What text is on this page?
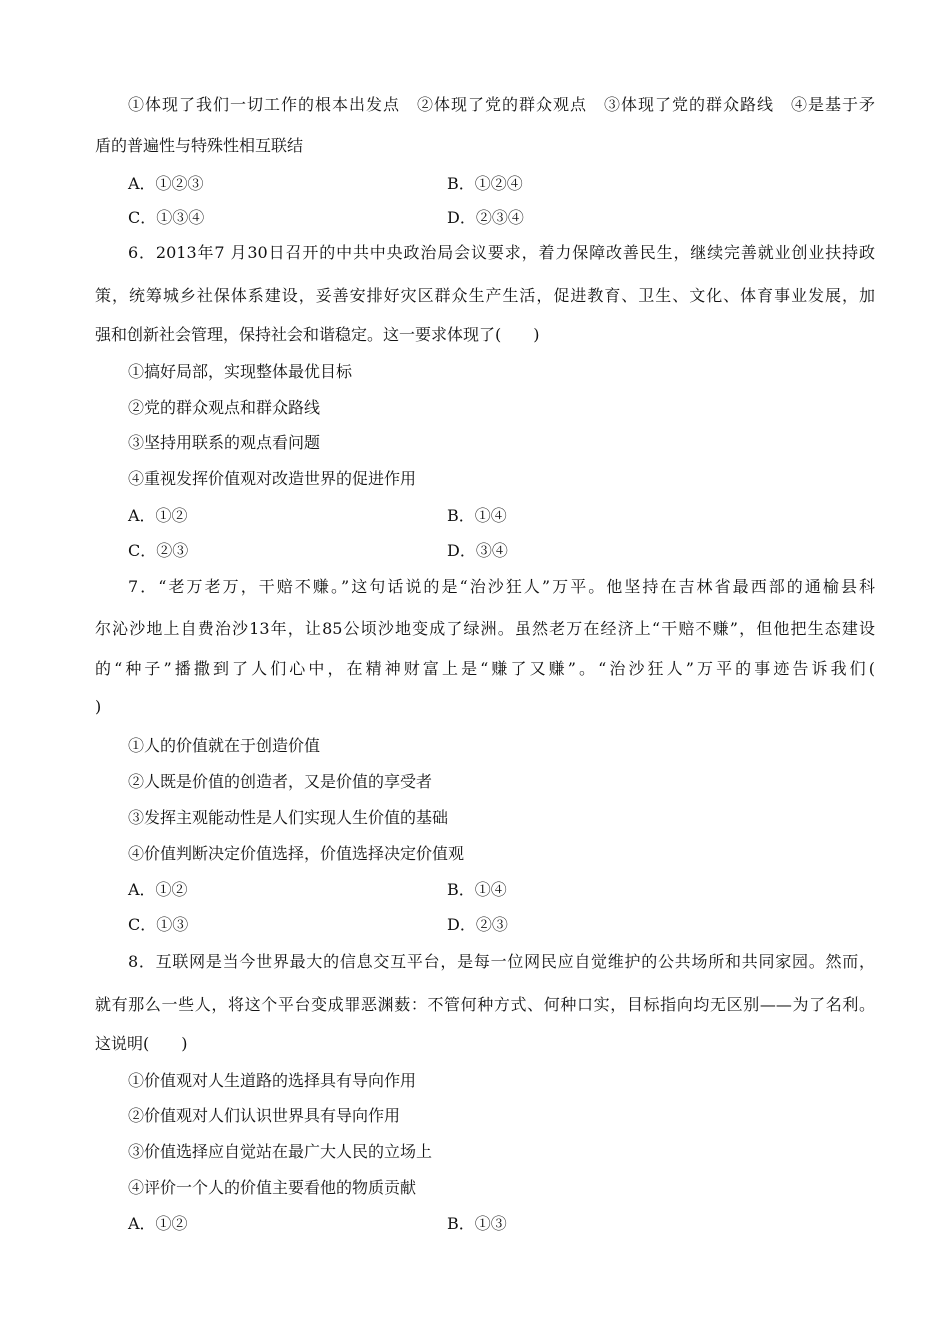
①体现了我们一切工作的根本出发点　②体现了党的群众观点　③体现了党的群众路线　④是基于矛
盾的普遍性与特殊性相互联结
A．①②③	B．①②④
C．①③④	D．②③④
6．2013年7 月30日召开的中共中央政治局会议要求，着力保障改善民生，继续完善就业创业扶持政
策，统筹城乡社保体系建设，妥善安排好灾区群众生产生活，促进教育、卫生、文化、体育事业发展，加
强和创新社会管理，保持社会和谐稳定。这一要求体现了(　　)
①搞好局部，实现整体最优目标
②党的群众观点和群众路线
③坚持用联系的观点看问题
④重视发挥价值观对改造世界的促进作用
A．①②	B．①④
C．②③	D．③④
7．“老万老万，干赔不赚。”这句话说的是“治沙狂人”万平。他坚持在吉林省最西部的通榆县科
尔沁沙地上自费治沙13年，让85公顷沙地变成了绿洲。虽然老万在经济上“干赔不赚”，但他把生态建设
的“种子”播撒到了人们心中，在精神财富上是“赚了又赚”。“治沙狂人”万平的事迹告诉我们(
)
①人的价值就在于创造价值
②人既是价值的创造者，又是价值的享受者
③发挥主观能动性是人们实现人生价值的基础
④价值判断决定价值选择，价值选择决定价值观
A．①②	B．①④
C．①③	D．②③
8．互联网是当今世界最大的信息交互平台，是每一位网民应自觉维护的公共场所和共同家园。然而，
就有那么一些人，将这个平台变成罪恶渊薮：不管何种方式、何种口实，目标指向均无区别——为了名利。
这说明(　　)
①价值观对人生道路的选择具有导向作用
②价值观对人们认识世界具有导向作用
③价值选择应自觉站在最广大人民的立场上
④评价一个人的价值主要看他的物质贡献
A．①②	B．①③
